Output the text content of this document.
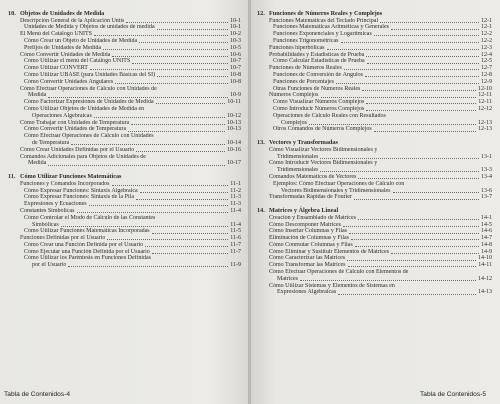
10. Objetos de Unidades de Medida
Descripción General de la Aplicación Units	10-1
Unidades de Medida y Objetos de unidades de medida	10-1
El Menú del Catálogo UNITS	10-2
Cómo Crear un Objeto de Unidades de Medida	10-3
Prefijos de Unidades de Medida	10-5
Cómo Convertir Unidades de Medida	10-6
Cómo Utilizar el menú del Catálogo UNITS	10-7
Cómo Utilizar CONVERT	10-7
Cómo Utilizar UBASE (para Unidades Básicas del SI)	10-8
Cómo Convertir Unidades Angulares	10-8
Cómo Efectuar Operaciones de Cálculo con Unidades de
Medida	10-9
Cómo Factorizar Expresiones de Unidades de Medida	10-11
Cómo Utilizar Objetos de Unidades de Medida en
Operaciones Algebraicas	10-12
Cómo Trabajar con Unidades de Temperatura	10-13
Cómo Convertir Unidades de Temperatura	10-13
Cómo Efectuar Operaciones de Cálculo con Unidades
de Temperatura	10-14
Cómo Crear Unidades Definidas por el Usuario	10-16
Comandos Adicionales para Objetos de Unidades de
Medida	10-17
11. Cómo Utilizar Funciones Matemáticas
Funciones y Comandos Incorporados	11-1
Cómo Expresar Funciones: Sintaxis Algebraica	11-2
Cómo Expresar Funciones: Sintaxis de la Pila	11-3
Expresiones y Ecuaciones	11-3
Constantes Simbólicas	11-4
Cómo Controlar el Modo de Cálculo de las Constantes
Simbólicas	11-4
Cómo Utilizar Funciones Matemáticas Incorporadas	11-5
Funciones Definidas por el Usuario	11-6
Cómo Crear una Función Definida por el Usuario	11-7
Cómo Ejecutar una Función Definida por el Usuario	11-7
Cómo Utilizar los Paréntesis en Funciones Definidas
por el Usuario	11-9
Tabla de Contenidos-4
12. Funciones de Números Reales y Complejos
Funciones Matemáticas del Teclado Principal	12-1
Funciones Matemáticas Aritméticas y Generales	12-1
Funciones Exponenciales y Logarítmicas	12-2
Funciones Trigonométricas	12-2
Funciones hiperbólicas	12-3
Probabilidades y Estadísticas de Prueba	12-4
Cómo Calcular Estadísticas de Prueba	12-5
Funciones de Números Reales	12-7
Funciones de Conversión de Ángulos	12-8
Funciones de Porcentajes	12-9
Otras Funciones de Números Reales	12-10
Números Complejos	12-11
Cómo Visualizar Números Complejos	12-11
Cómo Introducir Números Complejos	12-12
Operaciones de Cálculo Reales con Resultados
Complejos	12-13
Otros Comandos de Números Complejos	12-13
13. Vectores y Transformadas
Cómo Visualizar Vectores Bidimensionales y
Tridimensionales	13-1
Cómo Introducir Vectores Bidimensionales y
Tridimensionales	13-3
Comandos Matemáticos de Vectores	13-4
Ejemplos: Cómo Efectuar Operaciones de Cálculo con
Vectores Bidimensionales y Tridimensionales	13-6
Transformadas Rápidas de Fourier	13-7
14. Matrices y Álgebra Lineal
Creación y Ensamblado de Matrices	14-1
Cómo Descomponer Matrices	14-5
Cómo Insertar Columnas y Filas	14-6
Eliminación de Columnas y Filas	14-7
Cómo Conmutar Columnas y Filas	14-8
Cómo Eliminar y Sustituir Elementos de Matrices	14-9
Cómo Caracterizar las Matrices	14-10
Cómo Transformar las Matrices	14-11
Cómo Efectuar Operaciones de Cálculo con Elementos de
Matrices	14-12
Cómo Utilizar Sistemas y Elementos de Sistemas en
Expresiones Algebraicas	14-13
Tabla de Contenidos-5
